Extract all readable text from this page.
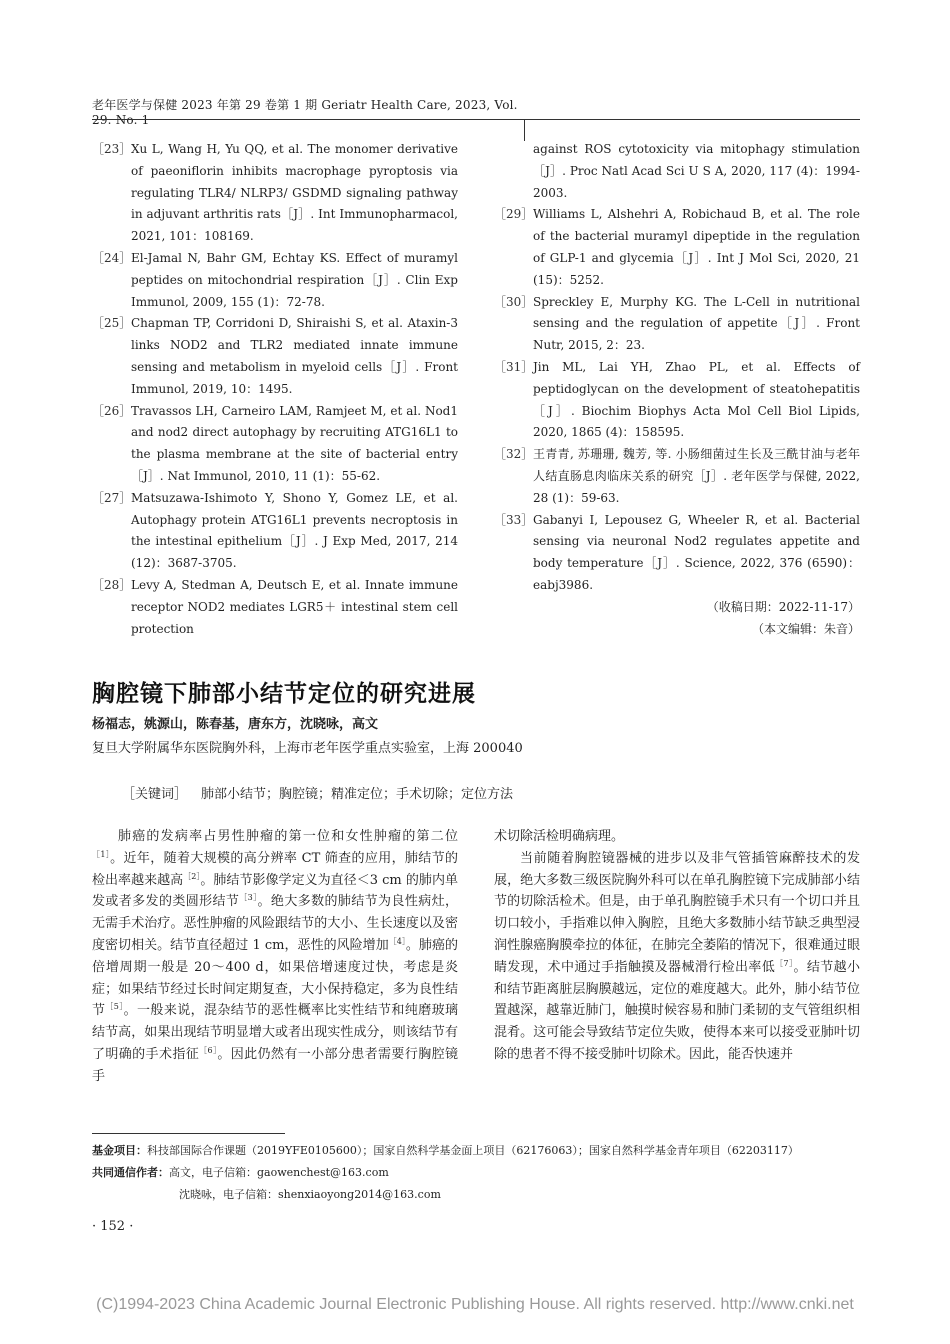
老年医学与保健 2023 年第 29 卷第 1 期 Geriatr Health Care, 2023, Vol. 29. No. 1
［23］ Xu L, Wang H, Yu QQ, et al. The monomer derivative of paeoniflorin inhibits macrophage pyroptosis via regulating TLR4/ NLRP3/ GSDMD signaling pathway in adjuvant arthritis rats［J］. Int Immunopharmacol, 2021, 101：108169.
［24］ El-Jamal N, Bahr GM, Echtay KS. Effect of muramyl peptides on mitochondrial respiration［J］. Clin Exp Immunol, 2009, 155 (1)：72-78.
［25］ Chapman TP, Corridoni D, Shiraishi S, et al. Ataxin-3 links NOD2 and TLR2 mediated innate immune sensing and metabolism in myeloid cells［J］. Front Immunol, 2019, 10：1495.
［26］ Travassos LH, Carneiro LAM, Ramjeet M, et al. Nod1 and nod2 direct autophagy by recruiting ATG16L1 to the plasma membrane at the site of bacterial entry［J］. Nat Immunol, 2010, 11 (1)：55-62.
［27］ Matsuzawa-Ishimoto Y, Shono Y, Gomez LE, et al. Autophagy protein ATG16L1 prevents necroptosis in the intestinal epithelium［J］. J Exp Med, 2017, 214 (12)：3687-3705.
［28］ Levy A, Stedman A, Deutsch E, et al. Innate immune receptor NOD2 mediates LGR5＋ intestinal stem cell protection
against ROS cytotoxicity via mitophagy stimulation［J］. Proc Natl Acad Sci U S A, 2020, 117 (4)：1994-2003.
［29］ Williams L, Alshehri A, Robichaud B, et al. The role of the bacterial muramyl dipeptide in the regulation of GLP-1 and glycemia［J］. Int J Mol Sci, 2020, 21 (15)：5252.
［30］ Spreckley E, Murphy KG. The L-Cell in nutritional sensing and the regulation of appetite［J］. Front Nutr, 2015, 2：23.
［31］ Jin ML, Lai YH, Zhao PL, et al. Effects of peptidoglycan on the development of steatohepatitis［J］. Biochim Biophys Acta Mol Cell Biol Lipids, 2020, 1865 (4)：158595.
［32］ 王青青, 苏珊珊, 魏芳, 等. 小肠细菌过生长及三酰甘油与老年人结直肠息肉临床关系的研究［J］. 老年医学与保健, 2022, 28 (1)：59-63.
［33］ Gabanyi I, Lepousez G, Wheeler R, et al. Bacterial sensing via neuronal Nod2 regulates appetite and body temperature［J］. Science, 2022, 376 (6590)：eabj3986.
（收稿日期：2022-11-17）
（本文编辑：朱音）
胸腔镜下肺部小结节定位的研究进展
杨福志，姚源山，陈春基，唐东方，沈晓咏，高文
复旦大学附属华东医院胸外科，上海市老年医学重点实验室，上海 200040
［关键词］ 肺部小结节；胸腔镜；精准定位；手术切除；定位方法

肺癌的发病率占男性肿瘤的第一位和女性肿瘤的第二位$^{[1]}$。近年，随着大规模的高分辨率 CT 筛查的应用，肺结节的检出率越来越高$^{[2]}$。肺结节影像学定义为直径＜3 cm 的肺内单发或者多发的类圆形结节$^{[3]}$。绝大多数的肺结节为良性病灶，无需手术治疗。恶性肿瘤的风险跟结节的大小、生长速度以及密度密切相关。结节直径超过 1 cm，恶性的风险增加$^{[4]}$。肺癌的倍增周期一般是 20～400 d，如果倍增速度过快，考虑是炎症；如果结节经过长时间定期复查，大小保持稳定，多为良性结节$^{[5]}$。一般来说，混杂结节的恶性概率比实性结节和纯磨玻璃结节高，如果出现结节明显增大或者出现实性成分，则该结节有了明确的手术指征$^{[6]}$。因此仍然有一小部分患者需要行胸腔镜手

术切除活检明确病理。

当前随着胸腔镜器械的进步以及非气管插管麻醉技术的发展，绝大多数三级医院胸外科可以在单孔胸腔镜下完成肺部小结节的切除活检术。但是，由于单孔胸腔镜手术只有一个切口并且切口较小，手指难以伸入胸腔，且绝大多数肺小结节缺乏典型浸润性腺癌胸膜牵拉的体征，在肺完全萎陷的情况下，很难通过眼睛发现，术中通过手指触摸及器械滑行检出率低$^{[7]}$。结节越小和结节距离脏层胸膜越远，定位的难度越大。此外，肺小结节位置越深，越靠近肺门，触摸时候容易和肺门柔韧的支气管组织相混肴。这可能会导致结节定位失败，使得本来可以接受亚肺叶切除的患者不得不接受肺叶切除术。因此，能否快速并

基金项目：科技部国际合作课题（2019YFE0105600）；国家自然科学基金面上项目（62176063）；国家自然科学基金青年项目（62203117）
共同通信作者：高文，电子信箱：gaowenchest@163.com
沈晓咏，电子信箱：shenxiaoyong2014@163.com
· 152 ·
(C)1994-2023 China Academic Journal Electronic Publishing House. All rights reserved. http://www.cnki.net
